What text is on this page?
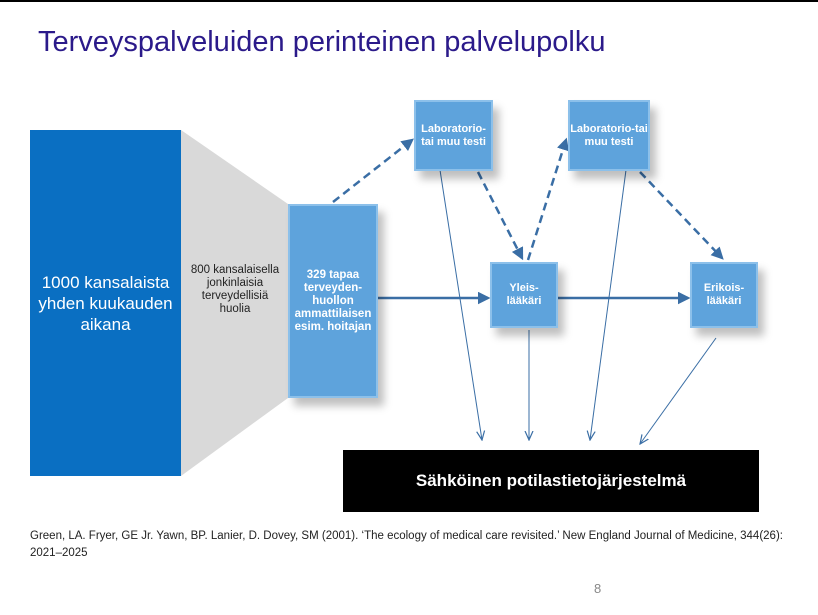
Terveyspalveluiden perinteinen palvelupolku
1000 kansalaista yhden kuukauden aikana
800 kansalaisella jonkinlaisia terveydellisiä huolia
329 tapaa terveyden-huollon ammattilaisen esim. hoitajan
Laboratorio-tai muu testi
Laboratorio-tai muu testi
Yleis-lääkäri
Erikois-lääkäri
Sähköinen potilastietojärjestelmä
Green, LA. Fryer, GE Jr. Yawn, BP. Lanier, D. Dovey, SM (2001). ‘The ecology of medical care revisited.’ New England Journal of Medicine, 344(26): 2021–2025
8
